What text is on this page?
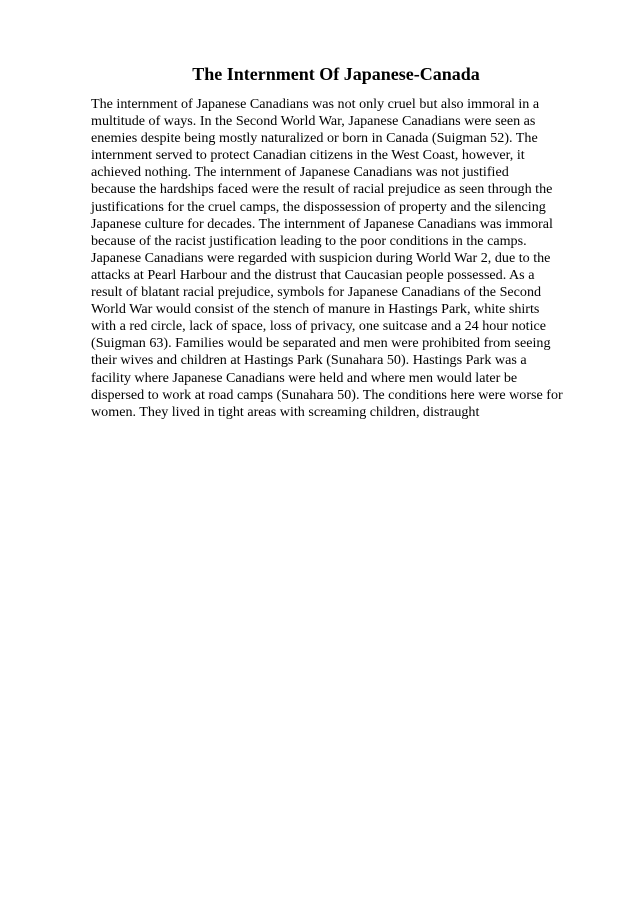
The Internment Of Japanese-Canada
The internment of Japanese Canadians was not only cruel but also immoral in a
multitude of ways. In the Second World War, Japanese Canadians were seen as
enemies despite being mostly naturalized or born in Canada (Suigman 52). The
internment served to protect Canadian citizens in the West Coast, however, it
achieved nothing. The internment of Japanese Canadians was not justified
because the hardships faced were the result of racial prejudice as seen through the
justifications for the cruel camps, the dispossession of property and the silencing
Japanese culture for decades. The internment of Japanese Canadians was immoral
because of the racist justification leading to the poor conditions in the camps.
Japanese Canadians were regarded with suspicion during World War 2, due to the
attacks at Pearl Harbour and the distrust that Caucasian people possessed. As a
result of blatant racial prejudice, symbols for Japanese Canadians of the Second
World War would consist of the stench of manure in Hastings Park, white shirts
with a red circle, lack of space, loss of privacy, one suitcase and a 24 hour notice
(Suigman 63). Families would be separated and men were prohibited from seeing
their wives and children at Hastings Park (Sunahara 50). Hastings Park was a
facility where Japanese Canadians were held and where men would later be
dispersed to work at road camps (Sunahara 50). The conditions here were worse for
women. They lived in tight areas with screaming children, distraught
